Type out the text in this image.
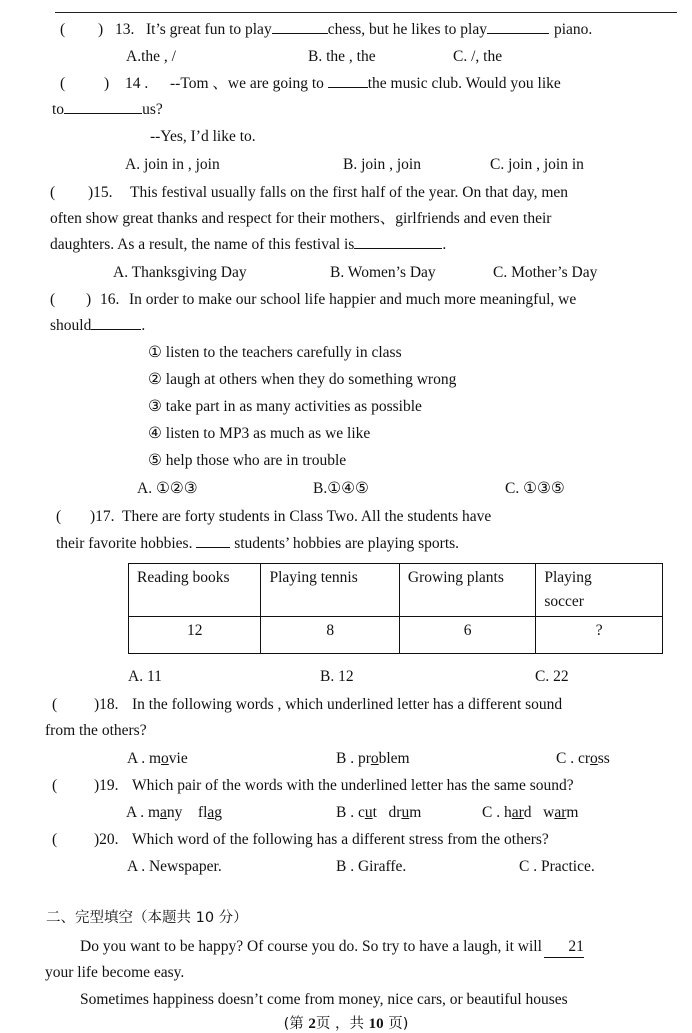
( ) 13. It’s great fun to play	chess, but he likes to play	piano.
A.the , /	B. the , the	C. /, the
(	) 14 . --Tom 、we are going to	the music club. Would you like
to	us?
--Yes, I’d like to.
A. join in , join	B. join , join	C. join , join in
( )15. This festival usually falls on the first half of the year. On that day, men
often show great thanks and respect for their mothers、girlfriends and even their
daughters. As a result, the name of this festival is	.
A. Thanksgiving Day	B. Women’s Day	C. Mother’s Day
( ) 16. In order to make our school life happier and much more meaningful, we
should	.
① listen to the teachers carefully in class
② laugh at others when they do something wrong
③ take part in as many activities as possible
④ listen to MP3 as much as we like
⑤ help those who are in trouble
A. ①②③	B.①④⑤	C. ①③⑤
( )17. There are forty students in Class Two. All the students have
their favorite hobbies.	students’ hobbies are playing sports.
Reading books	Playing tennis	Growing plants	Playing soccer
12	8	6	?
A. 11	B. 12	C. 22
( )18. In the following words , which underlined letter has a different sound
from the others?
A . movie	B . problem	C . cross
( )19. Which pair of the words with the underlined letter has the same sound?
A . many flag	B . cut drum	C . hard warm
( )20. Which word of the following has a different stress from the others?
A . Newspaper.	B . Giraffe.	C . Practice.
二、完型填空（本题共 10 分）
Do you want to be happy? Of course you do. So try to have a laugh, it will 21
your life become easy.
Sometimes happiness doesn’t come from money, nice cars, or beautiful houses
(第 2页 ，共 10 页)
